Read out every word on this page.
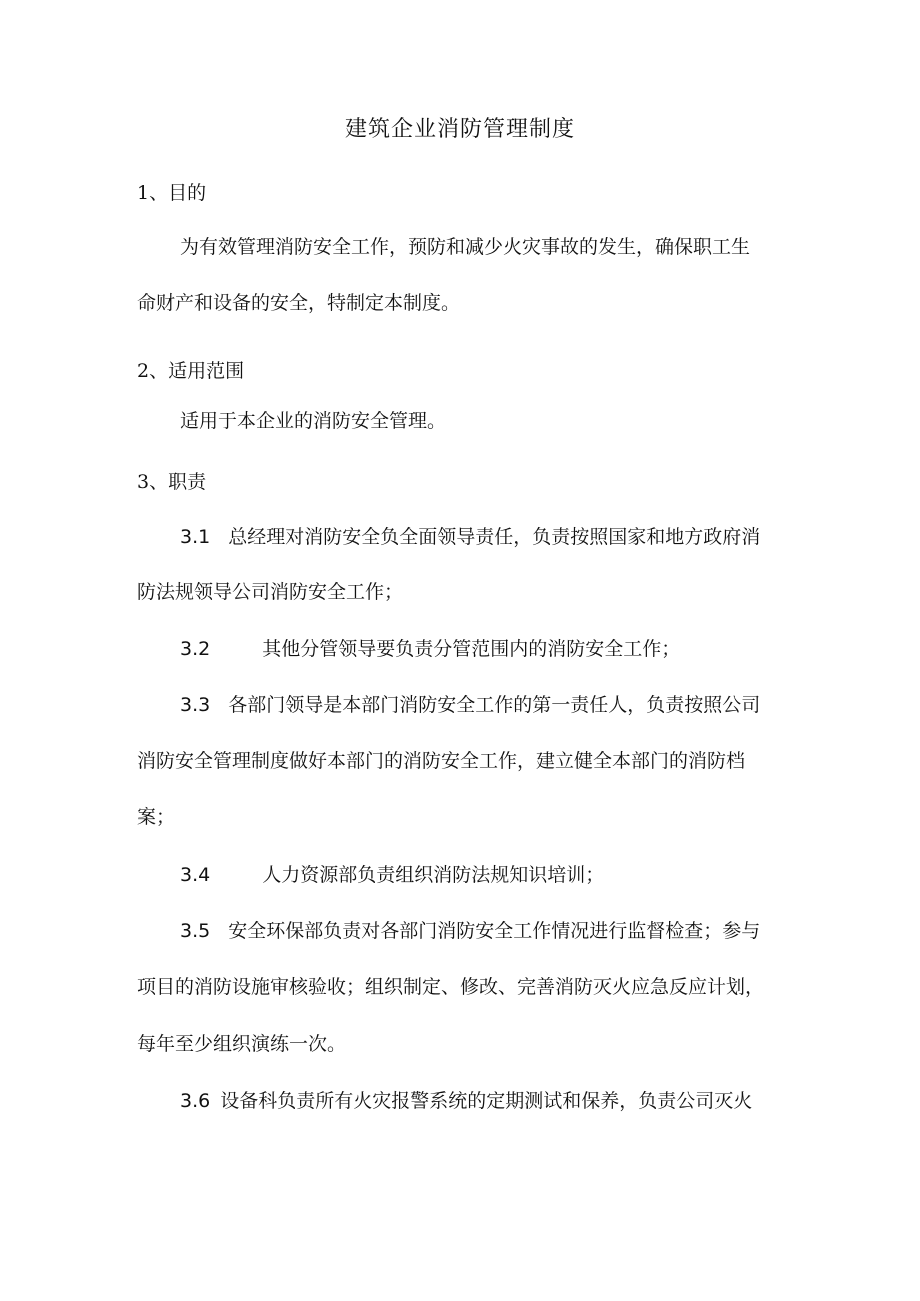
建筑企业消防管理制度
1、目的
为有效管理消防安全工作，预防和减少火灾事故的发生，确保职工生
命财产和设备的安全，特制定本制度。
2、适用范围
适用于本企业的消防安全管理。
3、职责
3.1 总经理对消防安全负全面领导责任，负责按照国家和地方政府消
防法规领导公司消防安全工作；
3.2	其他分管领导要负责分管范围内的消防安全工作；
3.3 各部门领导是本部门消防安全工作的第一责任人，负责按照公司
消防安全管理制度做好本部门的消防安全工作，建立健全本部门的消防档
案；
3.4	人力资源部负责组织消防法规知识培训；
3.5 安全环保部负责对各部门消防安全工作情况进行监督检查；参与
项目的消防设施审核验收；组织制定、修改、完善消防灭火应急反应计划，
每年至少组织演练一次。
3.6 设备科负责所有火灾报警系统的定期测试和保养，负责公司灭火
